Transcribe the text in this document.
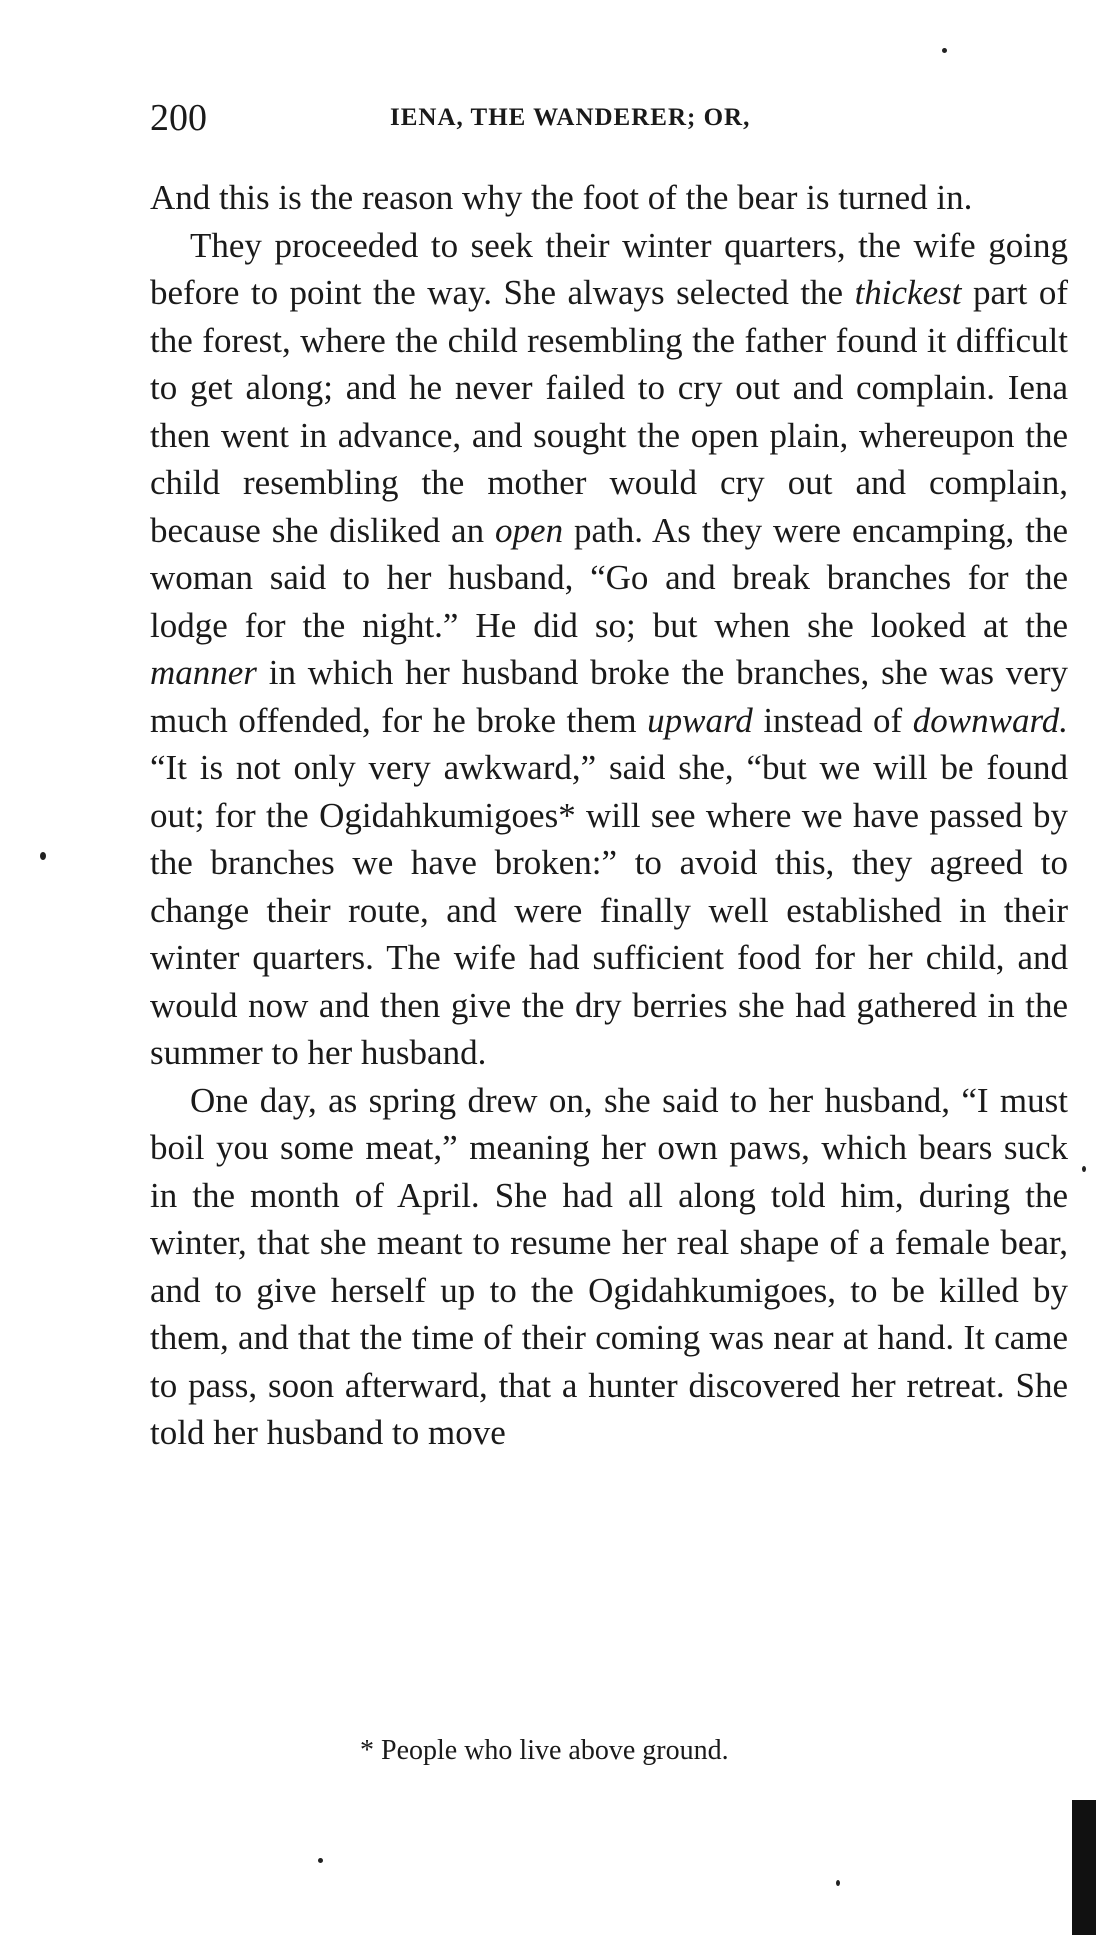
200	IENA, THE WANDERER; OR,

And this is the reason why the foot of the bear is turned in.

They proceeded to seek their winter quarters, the wife going before to point the way. She always selected the thickest part of the forest, where the child resembling the father found it difficult to get along; and he never failed to cry out and complain. Iena then went in advance, and sought the open plain, whereupon the child resembling the mother would cry out and complain, because she disliked an open path. As they were encamping, the woman said to her husband, “Go and break branches for the lodge for the night.” He did so; but when she looked at the manner in which her husband broke the branches, she was very much offended, for he broke them upward instead of downward. “It is not only very awkward,” said she, “but we will be found out; for the Ogidahkumigoes* will see where we have passed by the branches we have broken:” to avoid this, they agreed to change their route, and were finally well established in their winter quarters. The wife had sufficient food for her child, and would now and then give the dry berries she had gathered in the summer to her husband.

One day, as spring drew on, she said to her husband, “I must boil you some meat,” meaning her own paws, which bears suck in the month of April. She had all along told him, during the winter, that she meant to resume her real shape of a female bear, and to give herself up to the Ogidahkumigoes, to be killed by them, and that the time of their coming was near at hand. It came to pass, soon afterward, that a hunter discovered her retreat. She told her husband to move

* People who live above ground.
